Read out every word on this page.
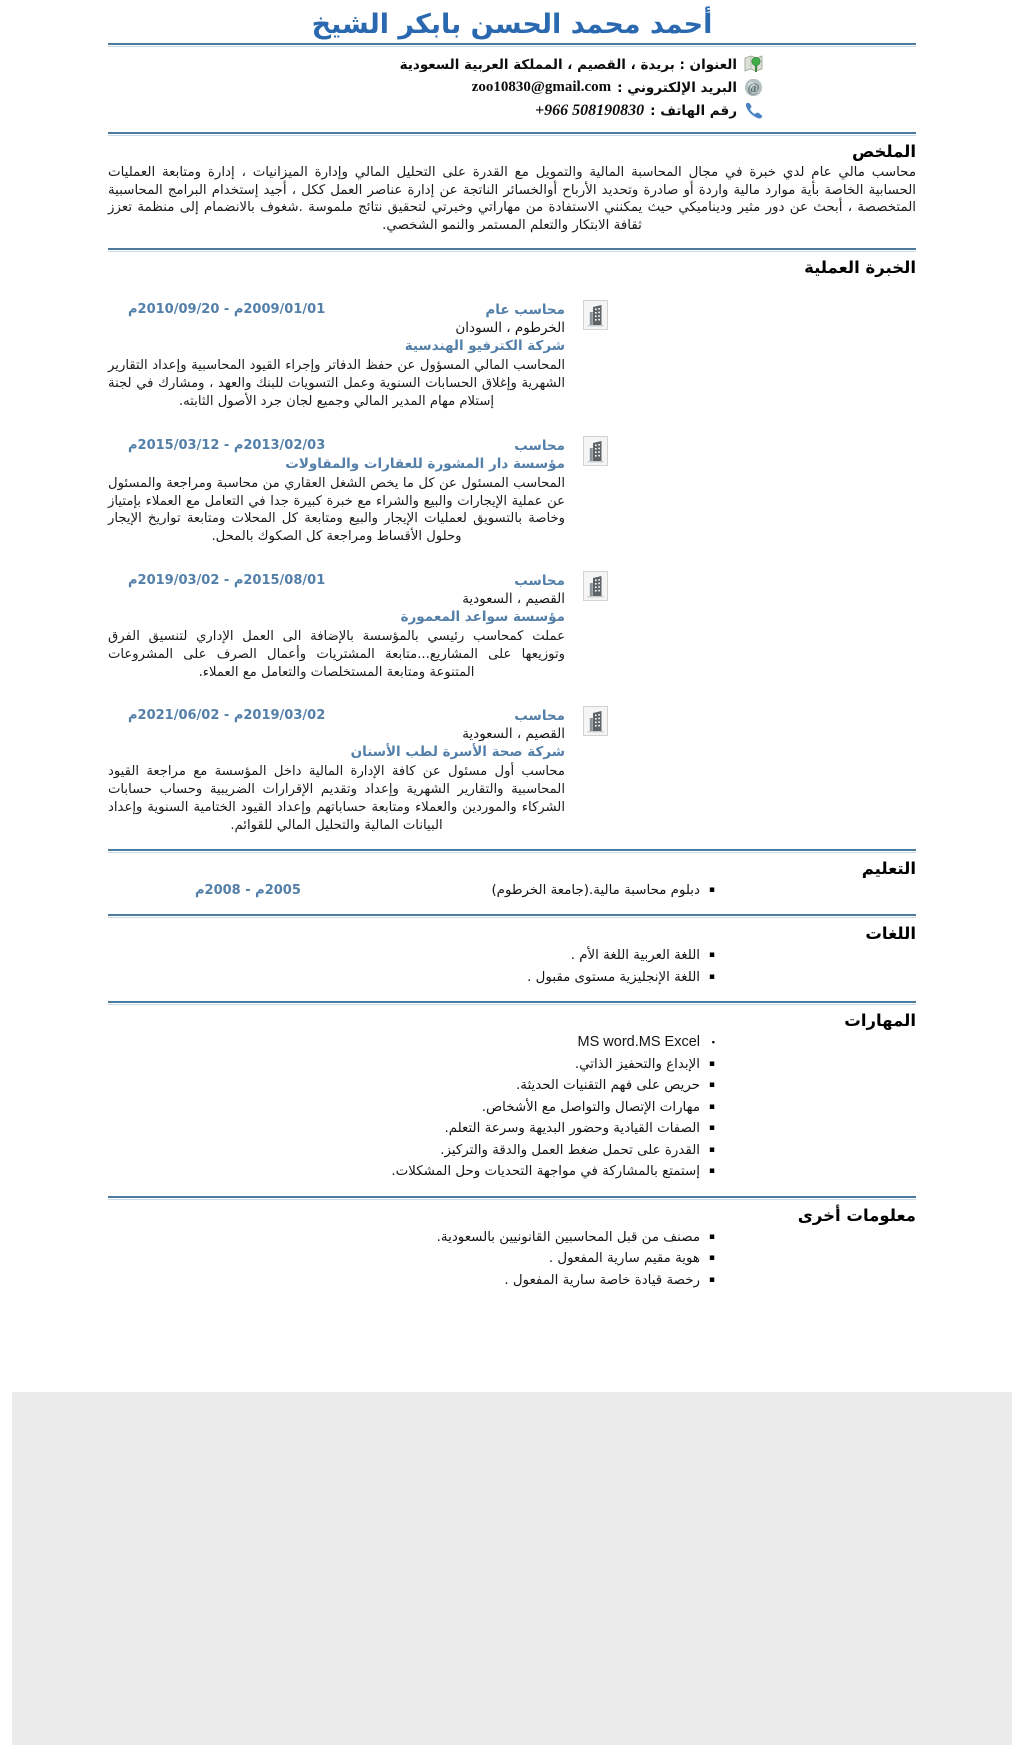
أحمد محمد الحسن بابكر الشيخ
العنوان : بريدة ، القصيم ، المملكة العربية السعودية
@
البريد الإلكتروني :
zoo10830@gmail.com
رقم الهاتف :
+966 508190830
الملخص

محاسب مالي عام لدي خبرة في مجال المحاسبة المالية والتمويل مع القدرة على التحليل المالي وإدارة الميزانيات ، إدارة ومتابعة العمليات الحسابية الخاصة بأية موارد مالية واردة أو صادرة وتحديد الأرباح أوالخسائر الناتجة عن إدارة عناصر العمل ككل ، أجيد إستخدام البرامج المحاسبية المتخصصة ، أبحث عن دور مثير وديناميكي حيث يمكنني الاستفادة من مهاراتي وخبرتي لتحقيق نتائج ملموسة .شغوف بالانضمام إلى منظمة تعزز ثقافة الابتكار والتعلم المستمر والنمو الشخصي.

الخبرة العملية
2009/01/01م - 2010/09/20م	محاسب عام
الخرطوم ، السودان
شركة الكترفيو الهندسية
المحاسب المالي المسؤول عن حفظ الدفاتر وإجراء القيود المحاسبية وإعداد التقارير الشهرية وإغلاق الحسابات السنوية وعمل التسويات للبنك والعهد ، ومشارك في لجنة إستلام مهام المدير المالي وجميع لجان جرد الأصول الثابته.
2013/02/03م - 2015/03/12م	محاسب
مؤسسة دار المشورة للعقارات والمقاولات
المحاسب المسئول عن كل ما يخص الشغل العقاري من محاسبة ومراجعة والمسئول عن عملية الإيجارات والبيع والشراء مع خبرة كبيرة جدا في التعامل مع العملاء بإمتياز وخاصة بالتسويق لعمليات الإيجار والبيع ومتابعة كل المحلات ومتابعة تواريخ الإيجار وحلول الأقساط ومراجعة كل الصكوك بالمحل.
2015/08/01م - 2019/03/02م	محاسب
القصيم ، السعودية
مؤسسة سواعد المعمورة
عملت كمحاسب رئيسي بالمؤسسة بالإضافة الى العمل الإداري لتنسيق الفرق وتوزيعها على المشاريع...متابعة المشتريات وأعمال الصرف على المشروعات المتنوعة ومتابعة المستخلصات والتعامل مع العملاء.
2019/03/02م - 2021/06/02م	محاسب
القصيم ، السعودية
شركة صحة الأسرة لطب الأسنان
محاسب أول مسئول عن كافة الإدارة المالية داخل المؤسسة مع مراجعة القيود المحاسبية والتقارير الشهرية وإعداد وتقديم الإقرارات الضريبية وحساب حسابات الشركاء والموردين والعملاء ومتابعة حساباتهم وإعداد القيود الختامية السنوية وإعداد البيانات المالية والتحليل المالي للقوائم.
التعليم
▪ دبلوم محاسبة مالية.(جامعة الخرطوم)
2005م - 2008م
اللغات
▪ اللغة العربية اللغة الأم .
▪ اللغة الإنجليزية مستوى مقبول .
المهارات
▪ MS word.MS Excel
▪ الإبداع والتحفيز الذاتي.
▪ حريص على فهم التقنيات الحديثة.
▪ مهارات الإتصال والتواصل مع الأشخاص.
▪ الصفات القيادية وحضور البديهة وسرعة التعلم.
▪ القدرة على تحمل ضغط العمل والدقة والتركيز.
▪ إستمتع بالمشاركة في مواجهة التحديات وحل المشكلات.
معلومات أخرى
▪ مصنف من قبل المحاسبين القانونيين بالسعودية.
▪ هوية مقيم سارية المفعول .
▪ رخصة قيادة خاصة سارية المفعول .
